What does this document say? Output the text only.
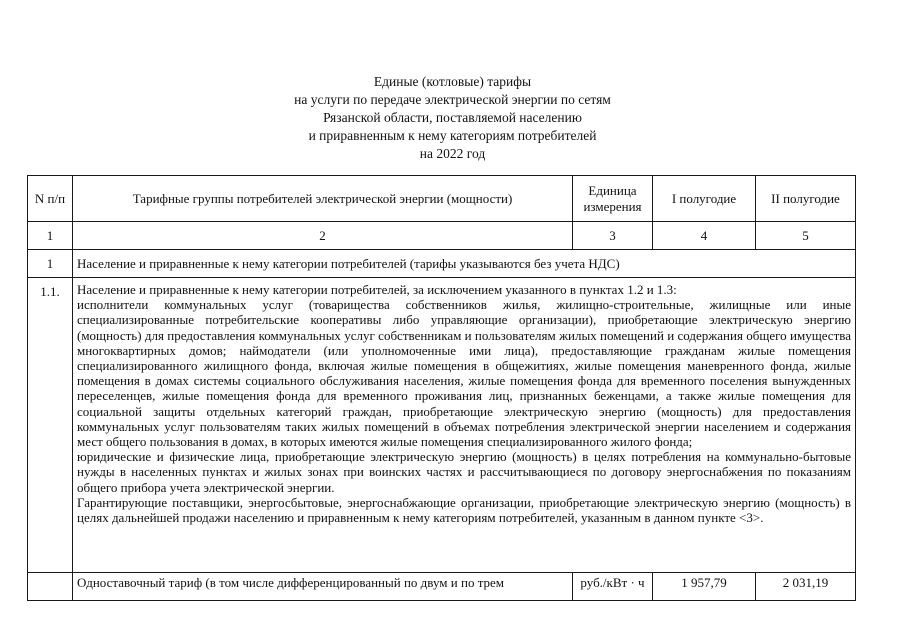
Единые (котловые) тарифы
на услуги по передаче электрической энергии по сетям
Рязанской области, поставляемой населению
и приравненным к нему категориям потребителей
на 2022 год
N п/п	Тарифные группы потребителей электрической энергии (мощности)	Единица измерения	I полугодие	II полугодие
1	2	3	4	5
1	Население и приравненные к нему категории потребителей (тарифы указываются без учета НДС)			
1.1.	Население и приравненные к нему категории потребителей, за исключением указанного в пунктах 1.2 и 1.3:

исполнители коммунальных услуг (товарищества собственников жилья, жилищно-строительные, жилищные или иные специализированные потребительские кооперативы либо управляющие организации), приобретающие электрическую энергию (мощность) для предоставления коммунальных услуг собственникам и пользователям жилых помещений и содержания общего имущества многоквартирных домов; наймодатели (или уполномоченные ими лица), предоставляющие гражданам жилые помещения специализированного жилищного фонда, включая жилые помещения в общежитиях, жилые помещения маневренного фонда, жилые помещения в домах системы социального обслуживания населения, жилые помещения фонда для временного поселения вынужденных переселенцев, жилые помещения фонда для временного проживания лиц, признанных беженцами, а также жилые помещения для социальной защиты отдельных категорий граждан, приобретающие электрическую энергию (мощность) для предоставления коммунальных услуг пользователям таких жилых помещений в объемах потребления электрической энергии населением и содержания мест общего пользования в домах, в которых имеются жилые помещения специализированного жилого фонда;

юридические и физические лица, приобретающие электрическую энергию (мощность) в целях потребления на коммунально-бытовые нужды в населенных пунктах и жилых зонах при воинских частях и рассчитывающиеся по договору энергоснабжения по показаниям общего прибора учета электрической энергии.

Гарантирующие поставщики, энергосбытовые, энергоснабжающие организации, приобретающие электрическую энергию (мощность) в целях дальнейшей продажи населению и приравненным к нему категориям потребителей, указанным в данном пункте <3>.			

	Одноставочный тариф (в том числе дифференцированный по двум и по трем	руб./кВт · ч	1 957,79	2 031,19
